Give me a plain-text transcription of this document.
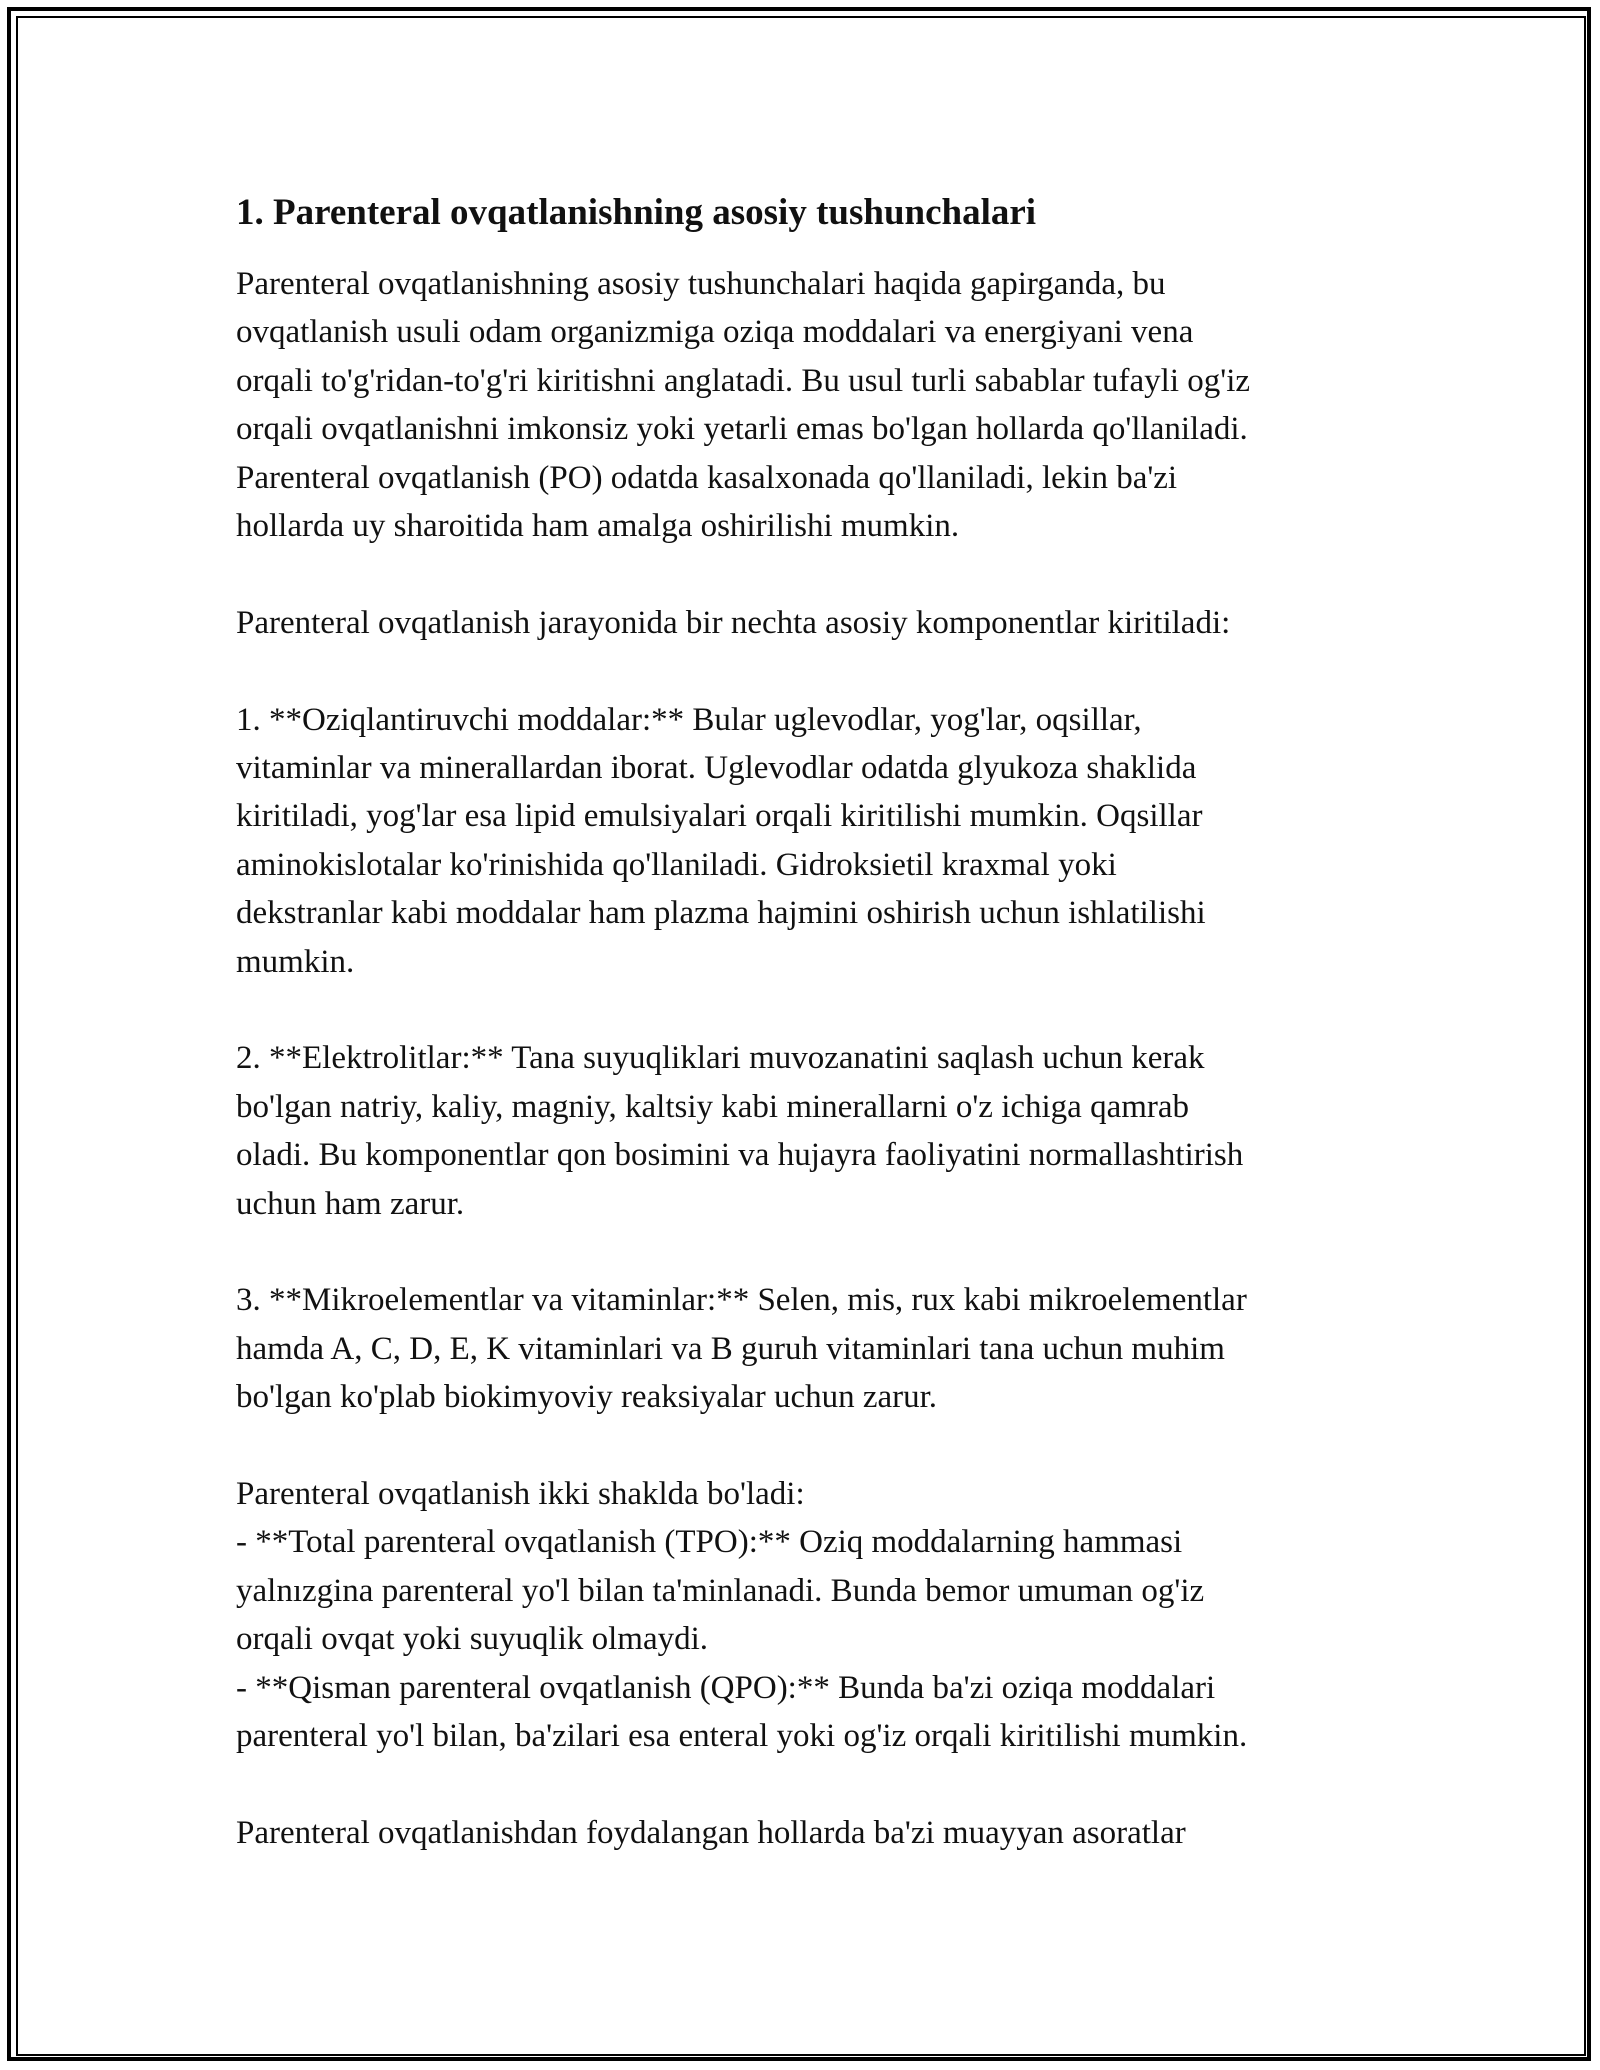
1. Parenteral ovqatlanishning asosiy tushunchalari
Parenteral ovqatlanishning asosiy tushunchalari haqida gapirganda, bu
ovqatlanish usuli odam organizmiga oziqa moddalari va energiyani vena
orqali to'g'ridan-to'g'ri kiritishni anglatadi. Bu usul turli sabablar tufayli og'iz
orqali ovqatlanishni imkonsiz yoki yetarli emas bo'lgan hollarda qo'llaniladi.
Parenteral ovqatlanish (PO) odatda kasalxonada qo'llaniladi, lekin ba'zi
hollarda uy sharoitida ham amalga oshirilishi mumkin.
Parenteral ovqatlanish jarayonida bir nechta asosiy komponentlar kiritiladi:
1. **Oziqlantiruvchi moddalar:** Bular uglevodlar, yog'lar, oqsillar,
vitaminlar va minerallardan iborat. Uglevodlar odatda glyukoza shaklida
kiritiladi, yog'lar esa lipid emulsiyalari orqali kiritilishi mumkin. Oqsillar
aminokislotalar ko'rinishida qo'llaniladi. Gidroksietil kraxmal yoki
dekstranlar kabi moddalar ham plazma hajmini oshirish uchun ishlatilishi
mumkin.
2. **Elektrolitlar:** Tana suyuqliklari muvozanatini saqlash uchun kerak
bo'lgan natriy, kaliy, magniy, kaltsiy kabi minerallarni o'z ichiga qamrab
oladi. Bu komponentlar qon bosimini va hujayra faoliyatini normallashtirish
uchun ham zarur.
3. **Mikroelementlar va vitaminlar:** Selen, mis, rux kabi mikroelementlar
hamda A, C, D, E, K vitaminlari va B guruh vitaminlari tana uchun muhim
bo'lgan ko'plab biokimyoviy reaksiyalar uchun zarur.
Parenteral ovqatlanish ikki shaklda bo'ladi:
- **Total parenteral ovqatlanish (TPO):** Oziq moddalarning hammasi
yalnızgina parenteral yo'l bilan ta'minlanadi. Bunda bemor umuman og'iz
orqali ovqat yoki suyuqlik olmaydi.
- **Qisman parenteral ovqatlanish (QPO):** Bunda ba'zi oziqa moddalari
parenteral yo'l bilan, ba'zilari esa enteral yoki og'iz orqali kiritilishi mumkin.
Parenteral ovqatlanishdan foydalangan hollarda ba'zi muayyan asoratlar
